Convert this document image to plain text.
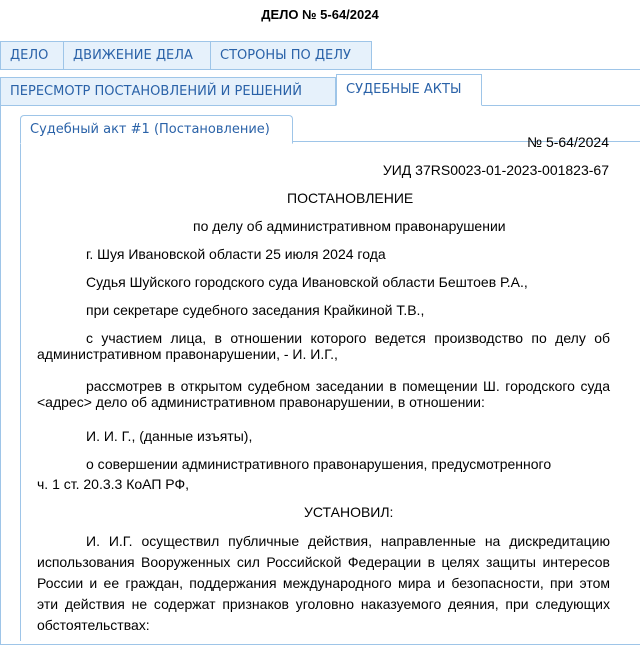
ДЕЛО № 5-64/2024
ДЕЛО	ДВИЖЕНИЕ ДЕЛА	СТОРОНЫ ПО ДЕЛУ
ПЕРЕСМОТР ПОСТАНОВЛЕНИЙ И РЕШЕНИЙ	СУДЕБНЫЕ АКТЫ
Судебный акт #1 (Постановление)
№ 5-64/2024
УИД 37RS0023-01-2023-001823-67
ПОСТАНОВЛЕНИЕ
по делу об административном правонарушении
г. Шуя Ивановской области 25 июля 2024 года
Судья Шуйского городского суда Ивановской области Бештоев Р.А.,
при секретаре судебного заседания Крайкиной Т.В.,
с участием лица, в отношении которого ведется производство по делу об административном правонарушении, - И. И.Г.,
рассмотрев в открытом судебном заседании в помещении Ш. городского суда <адрес> дело об административном правонарушении, в отношении:
И. И. Г., (данные изъяты),
о совершении административного правонарушения, предусмотренного
ч. 1 ст. 20.3.3 КоАП РФ,
УСТАНОВИЛ:
И. И.Г. осуществил публичные действия, направленные на дискредитацию использования Вооруженных сил Российской Федерации в целях защиты интересов России и ее граждан, поддержания международного мира и безопасности, при этом эти действия не содержат признаков уголовно наказуемого деяния, при следующих обстоятельствах:
